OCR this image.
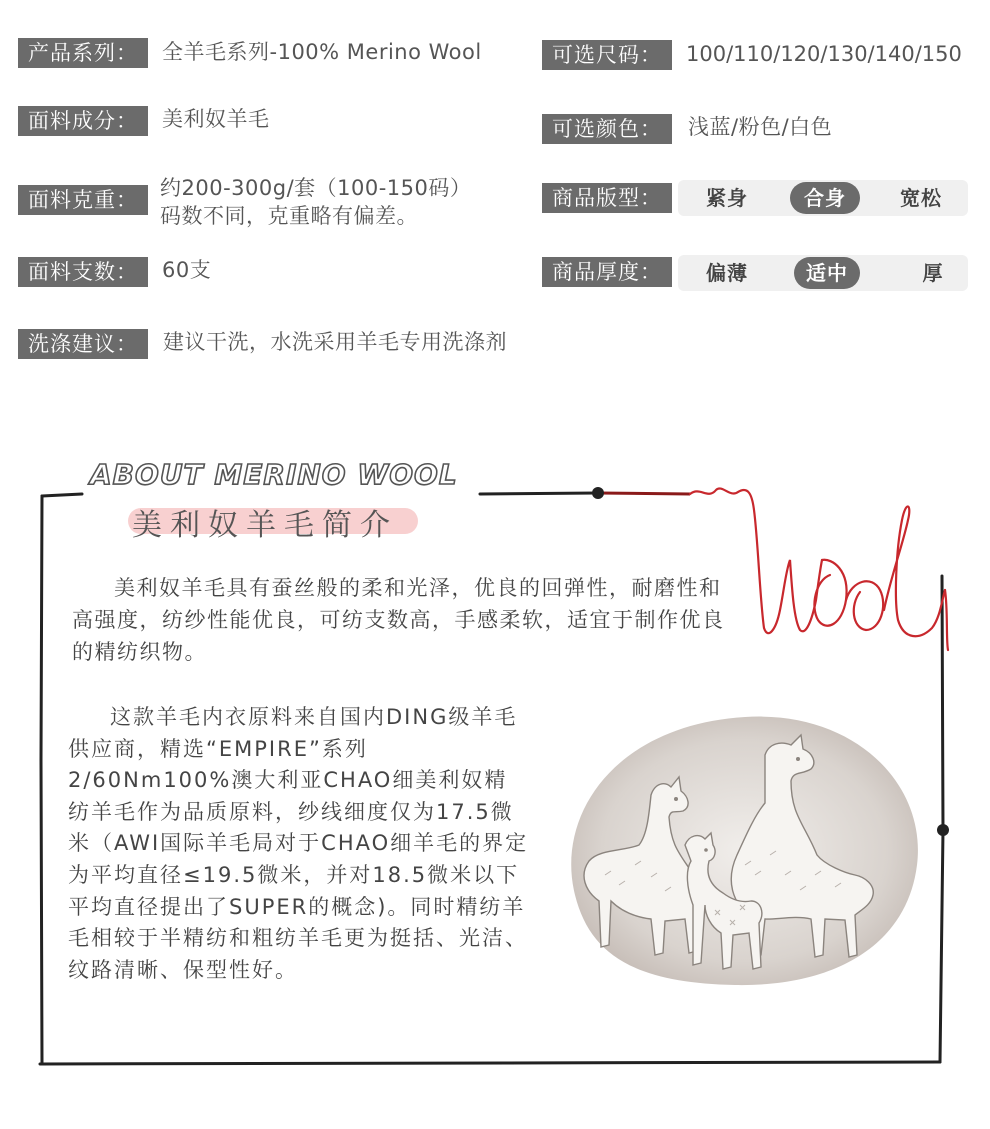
产品系列：	全羊毛系列-100% Merino Wool
面料成分：	美利奴羊毛
面料克重：	约200-300g/套（100-150码）
码数不同，克重略有偏差。
面料支数：	60支
洗涤建议：	建议干洗，水洗采用羊毛专用洗涤剂
可选尺码：	100/110/120/130/140/150
可选颜色：	浅蓝/粉色/白色
商品版型：	紧身	合身	宽松
商品厚度：	偏薄	适中	厚
ABOUT MERINO WOOL
美利奴羊毛简介
美利奴羊毛具有蚕丝般的柔和光泽，优良的回弹性，耐磨性和高强度，纺纱性能优良，可纺支数高，手感柔软，适宜于制作优良的精纺织物。
这款羊毛内衣原料来自国内DING级羊毛供应商，精选“EMPIRE”系列2/60Nm100%澳大利亚CHAO细美利奴精纺羊毛作为品质原料，纱线细度仅为17.5微米（AWI国际羊毛局对于CHAO细羊毛的界定为平均直径≤19.5微米，并对18.5微米以下平均直径提出了SUPER的概念)。同时精纺羊毛相较于半精纺和粗纺羊毛更为挺括、光洁、纹路清晰、保型性好。
